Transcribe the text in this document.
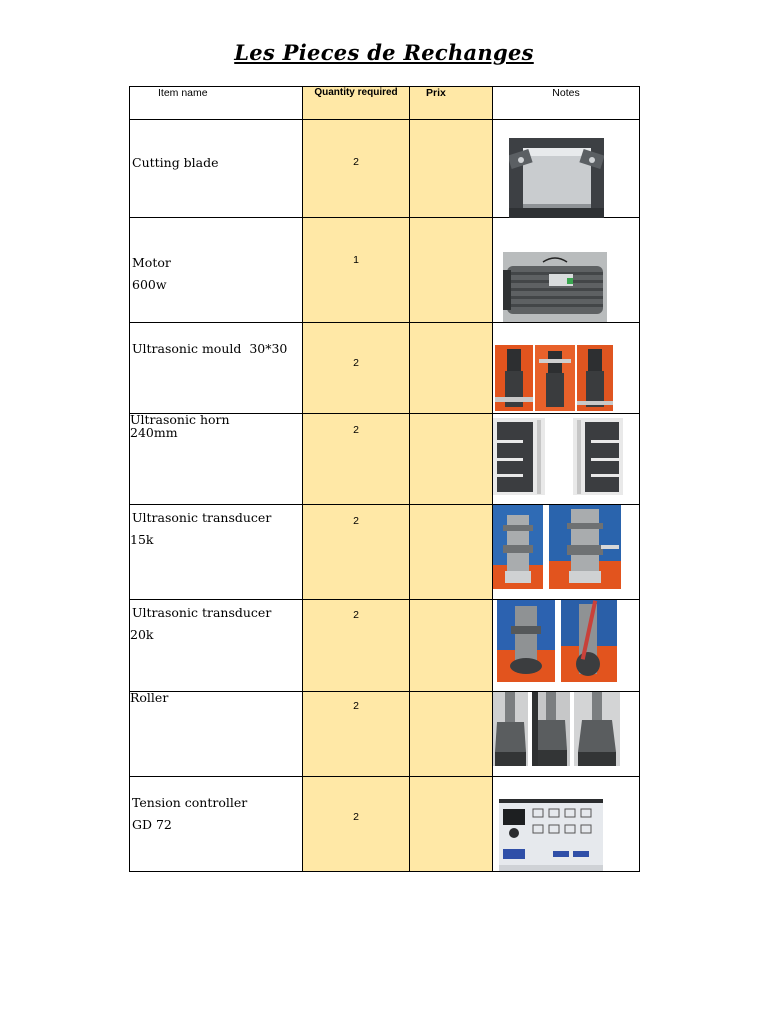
Les Pieces de Rechanges
Item name	Quantity required	Prix	Notes

Cutting blade	2

Motor
600w	1

Ultrasonic mould  30*30	2

Ultrasonic horn
240mm	2

Ultrasonic transducer
15k	2

Ultrasonic transducer
20k	2

Roller	2

Tension controller
GD 72	2
